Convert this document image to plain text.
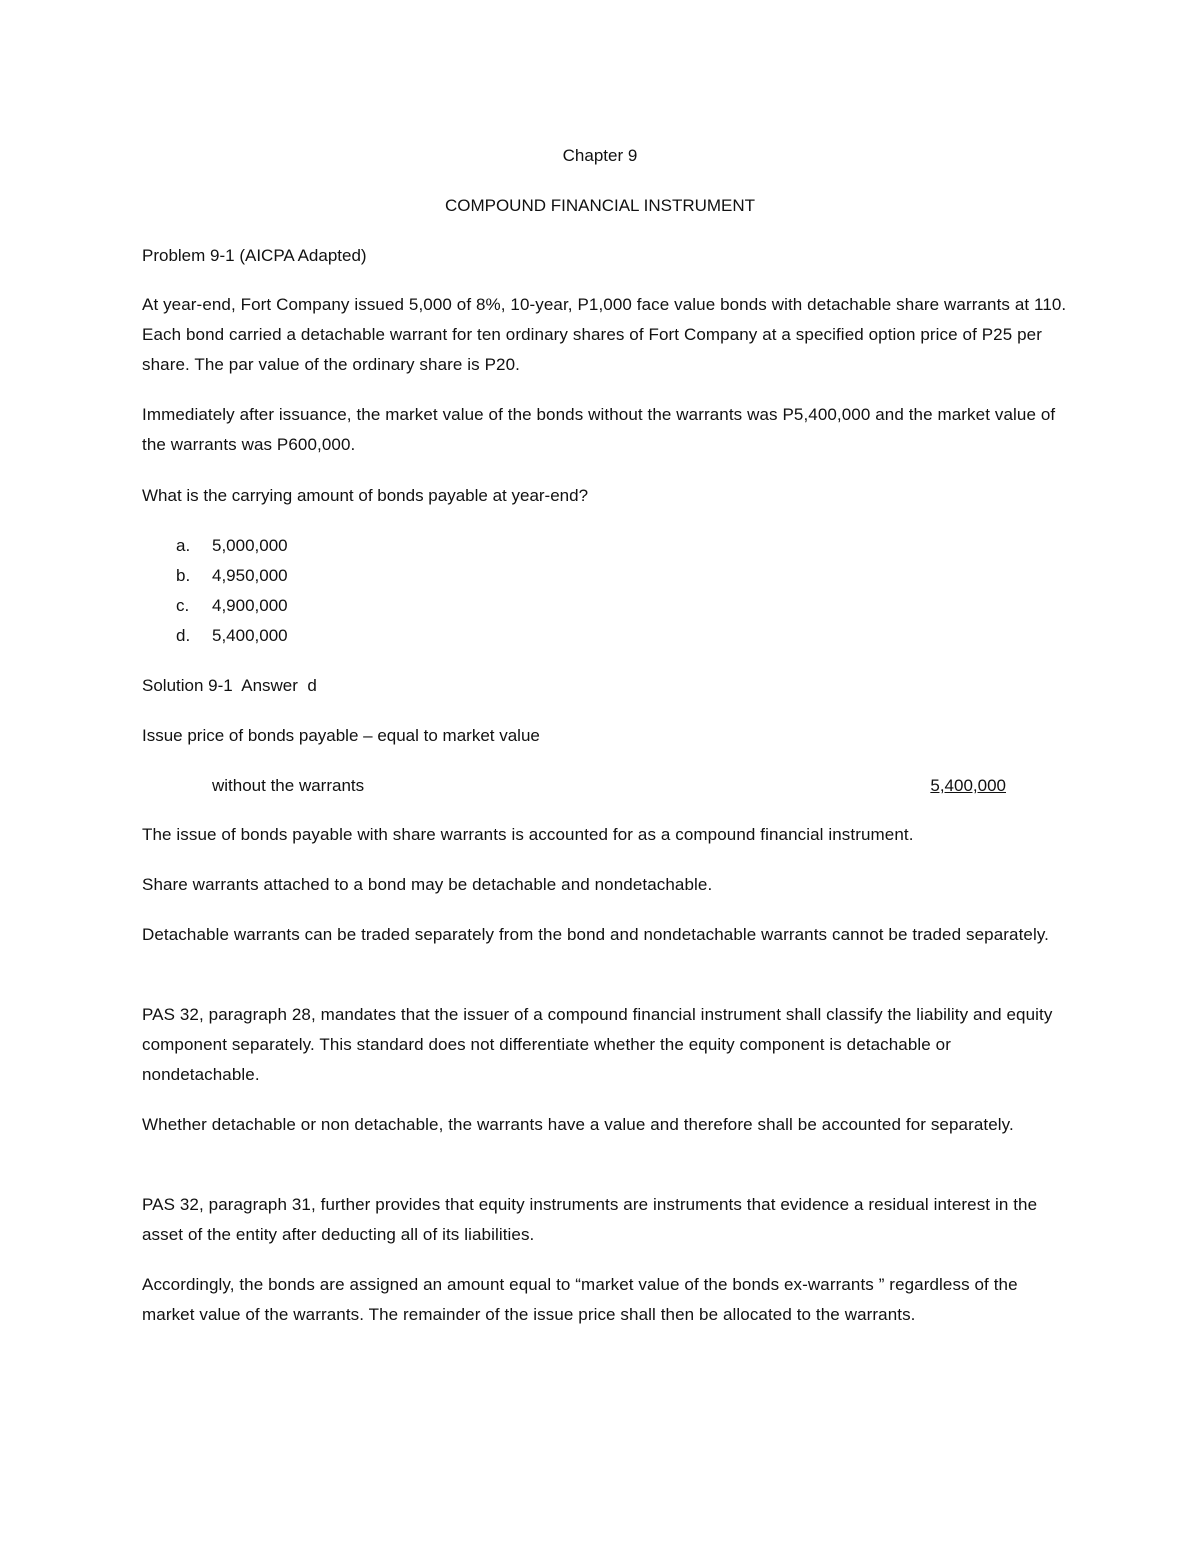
Chapter 9
COMPOUND FINANCIAL INSTRUMENT
Problem 9-1 (AICPA Adapted)
At year-end, Fort Company issued 5,000 of 8%, 10-year, P1,000 face value bonds with detachable share warrants at 110. Each bond carried a detachable warrant for ten ordinary shares of Fort Company at a specified option price of P25 per share. The par value of the ordinary share is P20.
Immediately after issuance, the market value of the bonds without the warrants was P5,400,000 and the market value of the warrants was P600,000.
What is the carrying amount of bonds payable at year-end?
a. 5,000,000
b. 4,950,000
c. 4,900,000
d. 5,400,000
Solution 9-1  Answer  d
Issue price of bonds payable – equal to market value
without the warrants	5,400,000
The issue of bonds payable with share warrants is accounted for as a compound financial instrument.
Share warrants attached to a bond may be detachable and nondetachable.
Detachable warrants can be traded separately from the bond and nondetachable warrants cannot be traded separately.
PAS 32, paragraph 28, mandates that the issuer of a compound financial instrument shall classify the liability and equity component separately. This standard does not differentiate whether the equity component is detachable or nondetachable.
Whether detachable or non detachable, the warrants have a value and therefore shall be accounted for separately.
PAS 32, paragraph 31, further provides that equity instruments are instruments that evidence a residual interest in the asset of the entity after deducting all of its liabilities.
Accordingly, the bonds are assigned an amount equal to “market value of the bonds ex-warrants ” regardless of the market value of the warrants. The remainder of the issue price shall then be allocated to the warrants.
